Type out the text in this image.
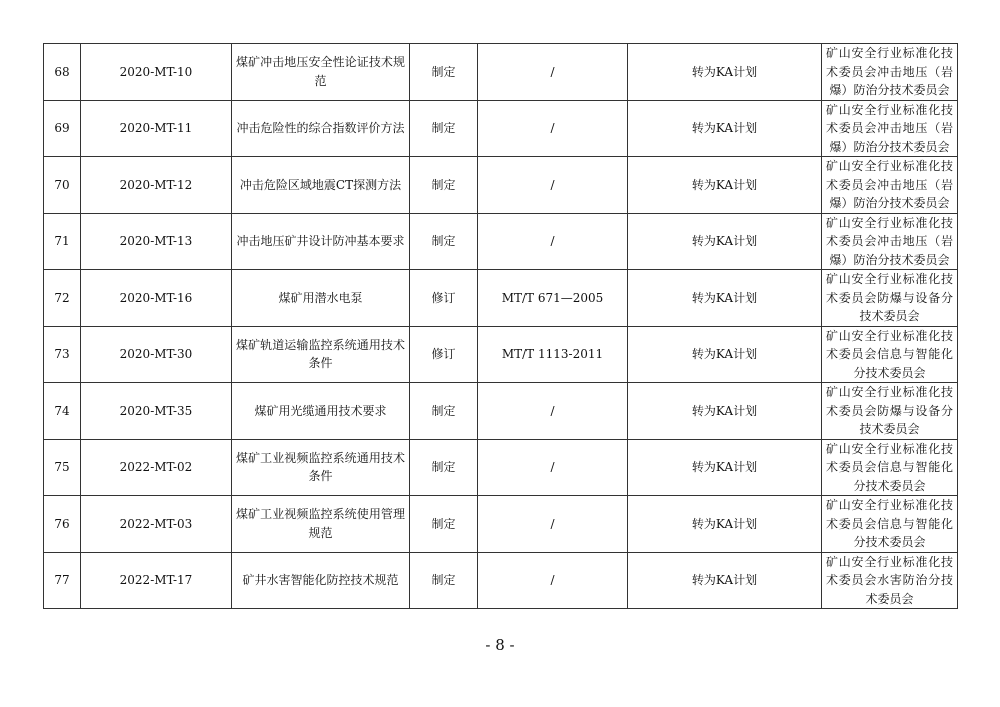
68	2020-MT-10	煤矿冲击地压安全性论证技术规范	制定	/	转为KA计划	矿山安全行业标准化技术委员会冲击地压（岩爆）防治分技术委员会

69	2020-MT-11	冲击危险性的综合指数评价方法	制定	/	转为KA计划	矿山安全行业标准化技术委员会冲击地压（岩爆）防治分技术委员会

70	2020-MT-12	冲击危险区域地震CT探测方法	制定	/	转为KA计划	矿山安全行业标准化技术委员会冲击地压（岩爆）防治分技术委员会

71	2020-MT-13	冲击地压矿井设计防冲基本要求	制定	/	转为KA计划	矿山安全行业标准化技术委员会冲击地压（岩爆）防治分技术委员会

72	2020-MT-16	煤矿用潜水电泵	修订	MT/T 671—2005	转为KA计划	矿山安全行业标准化技术委员会防爆与设备分技术委员会

73	2020-MT-30	煤矿轨道运输监控系统通用技术条件	修订	MT/T 1113-2011	转为KA计划	矿山安全行业标准化技术委员会信息与智能化分技术委员会

74	2020-MT-35	煤矿用光缆通用技术要求	制定	/	转为KA计划	矿山安全行业标准化技术委员会防爆与设备分技术委员会

75	2022-MT-02	煤矿工业视频监控系统通用技术条件	制定	/	转为KA计划	矿山安全行业标准化技术委员会信息与智能化分技术委员会

76	2022-MT-03	煤矿工业视频监控系统使用管理规范	制定	/	转为KA计划	矿山安全行业标准化技术委员会信息与智能化分技术委员会

77	2022-MT-17	矿井水害智能化防控技术规范	制定	/	转为KA计划	矿山安全行业标准化技术委员会水害防治分技术委员会
- 8 -
